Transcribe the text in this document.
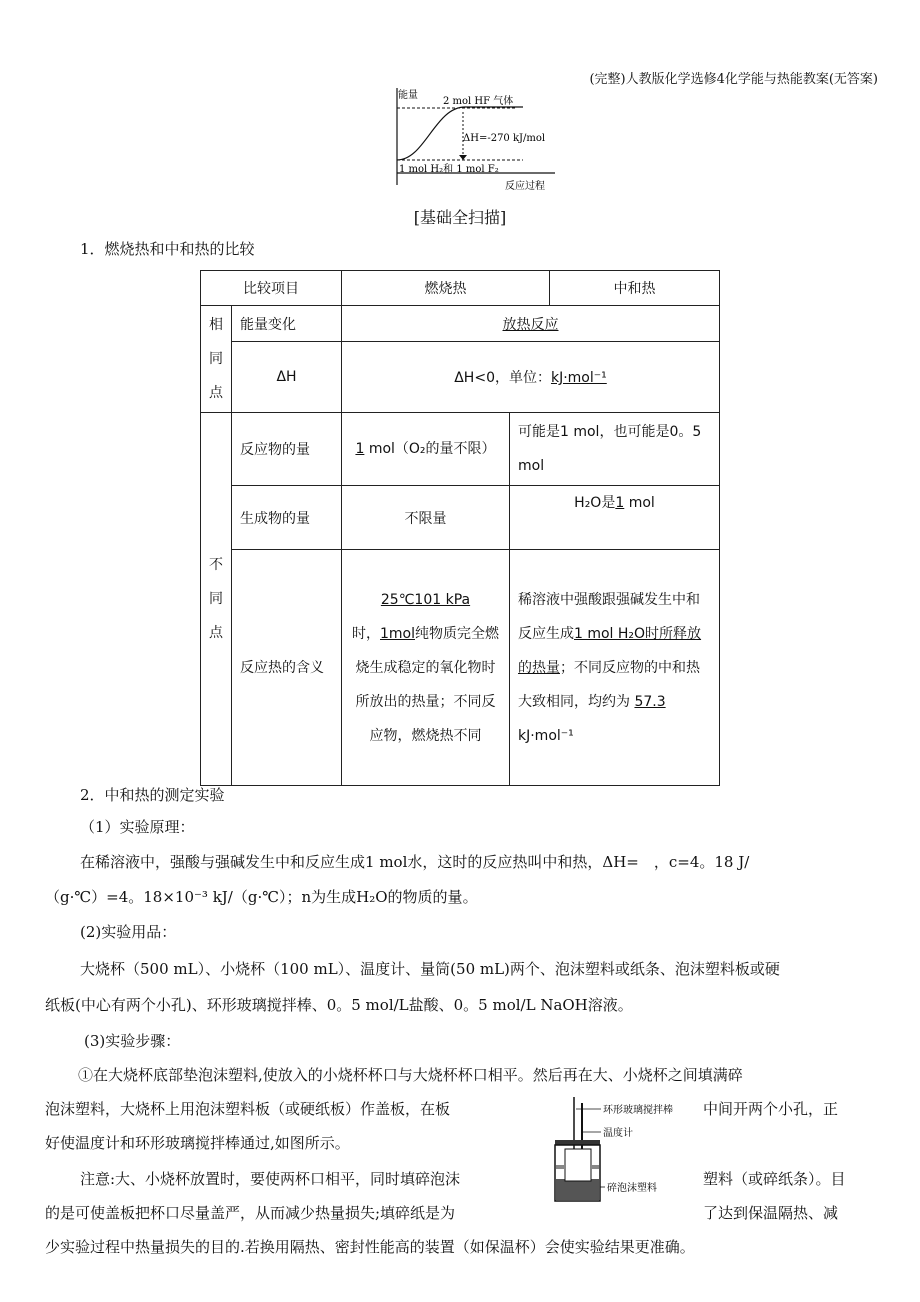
(完整)人教版化学选修4化学能与热能教案(无答案)
能量
2 mol HF 气体
ΔH=-270 kJ/mol
1 mol H₂和 1 mol F₂
反应过程
[基础全扫描]
1．燃烧热和中和热的比较
比较项目		燃烧热		中和热
相
同
点	能量变化	放热反应		
	ΔH	ΔH<0，单位：kJ·mol⁻¹		
不
同
点	反应物的量	1 mol（O₂的量不限）	可能是1 mol，也可能是0。5 mol	
	生成物的量	不限量	H₂O是1 mol	
	反应热的含义	25℃101 kPa
时，1mol纯物质完全燃烧生成稳定的氧化物时所放出的热量；不同反应物，燃烧热不同	稀溶液中强酸跟强碱发生中和反应生成1 mol H₂O时所释放的热量；不同反应物的中和热大致相同，均约为 57.3 kJ·mol⁻¹	
2．中和热的测定实验
（1）实验原理：
在稀溶液中，强酸与强碱发生中和反应生成1 mol水，这时的反应热叫中和热，ΔH=　，c=4。18 J/
（g·℃）=4。18×10⁻³ kJ/（g·℃）；n为生成H₂O的物质的量。
(2)实验用品：
大烧杯（500 mL）、小烧杯（100 mL）、温度计、量筒(50 mL)两个、泡沫塑料或纸条、泡沫塑料板或硬
纸板(中心有两个小孔)、环形玻璃搅拌棒、0。5 mol/L盐酸、0。5 mol/L NaOH溶液。
(3)实验步骤：
①在大烧杯底部垫泡沫塑料,使放入的小烧杯杯口与大烧杯杯口相平。然后再在大、小烧杯之间填满碎
泡沫塑料，大烧杯上用泡沫塑料板（或硬纸板）作盖板，在板	中间开两个小孔，正
好使温度计和环形玻璃搅拌棒通过,如图所示。
注意:大、小烧杯放置时，要使两杯口相平，同时填碎泡沫	塑料（或碎纸条）。目
的是可使盖板把杯口尽量盖严，从而减少热量损失;填碎纸是为	了达到保温隔热、减
少实验过程中热量损失的目的.若换用隔热、密封性能高的装置（如保温杯）会使实验结果更准确。
环形玻璃搅拌棒
温度计
碎泡沫塑料
